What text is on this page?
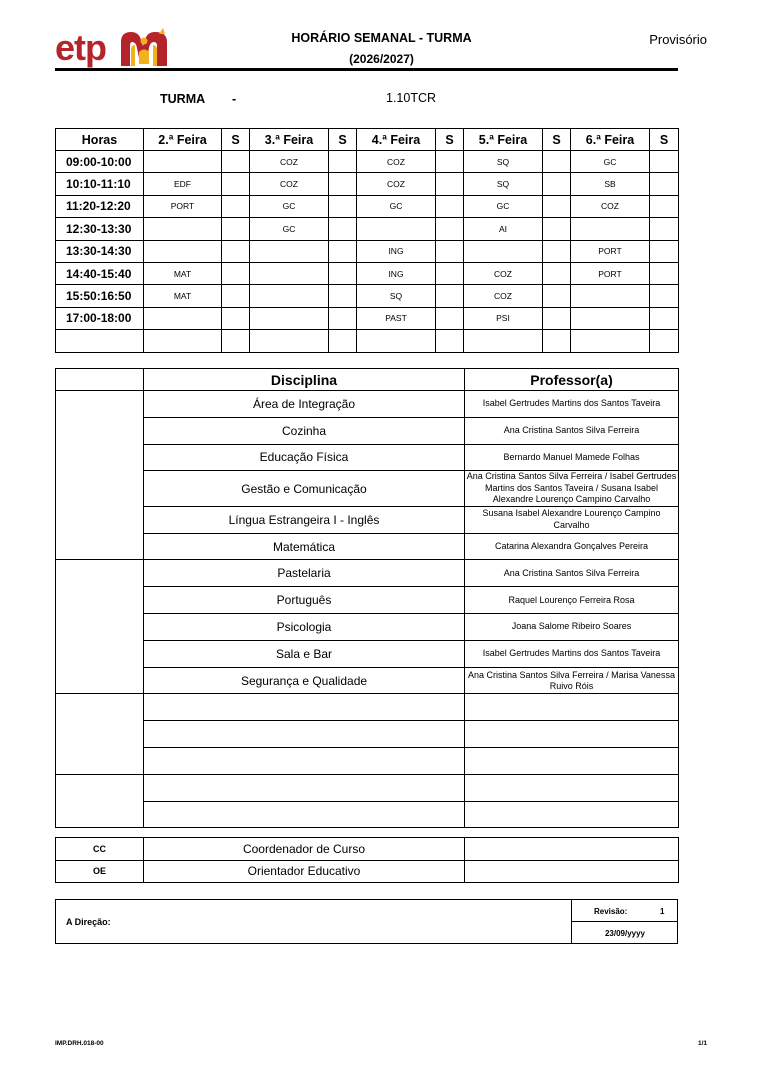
etp	HORÁRIO SEMANAL - TURMA
(2026/2027)
Provisório
TURMA -	1.10TCR
Horas	2.ª Feira	S	3.ª Feira	S	4.ª Feira	S	5.ª Feira	S	6.ª Feira	S
09:00-10:00			COZ		COZ		SQ		GC	
10:10-11:10	EDF		COZ		COZ		SQ		SB	
11:20-12:20	PORT		GC		GC		GC		COZ	
12:30-13:30			GC				AI			
13:30-14:30					ING				PORT	
14:40-15:40	MAT				ING		COZ		PORT	
15:50:16:50	MAT				SQ		COZ			
17:00-18:00					PAST		PSI			

	Disciplina	Professor(a)
	Área de Integração	Isabel Gertrudes Martins dos Santos Taveira
	Cozinha	Ana Cristina Santos Silva Ferreira
	Educação Física	Bernardo Manuel Mamede Folhas
	Gestão e Comunicação	Ana Cristina Santos Silva Ferreira / Isabel Gertrudes Martins dos Santos Taveira / Susana Isabel Alexandre Lourenço Campino Carvalho
	Língua Estrangeira I - Inglês	Susana Isabel Alexandre Lourenço Campino Carvalho
	Matemática	Catarina Alexandra Gonçalves Pereira
	Pastelaria	Ana Cristina Santos Silva Ferreira
	Português	Raquel Lourenço Ferreira Rosa
	Psicologia	Joana Salome Ribeiro Soares
	Sala e Bar	Isabel Gertrudes Martins dos Santos Taveira
	Segurança e Qualidade	Ana Cristina Santos Silva Ferreira / Marisa Vanessa Ruivo Róis

CC	Coordenador de Curso	
OE	Orientador Educativo	
A Direção:
Revisão:	1
23/09/yyyy
IMP.DRH.018-00	1/1
